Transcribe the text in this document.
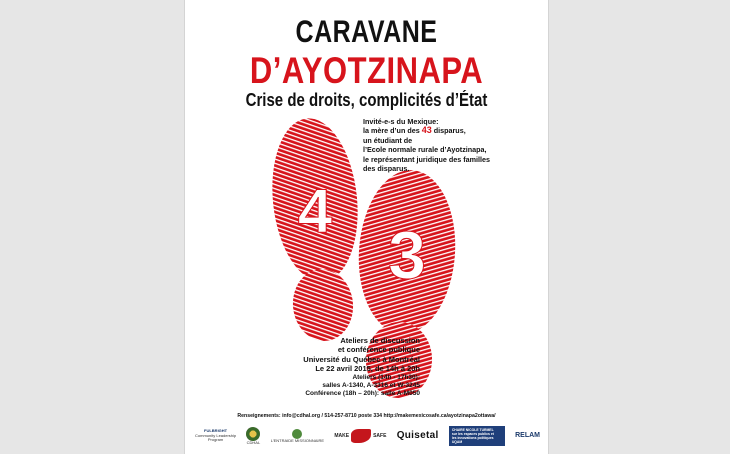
CARAVANE
D’AYOTZINAPA
Crise de droits, complicités d’État
4
3
Invité-e-s du Mexique:
la mère d’un des 43 disparus,
un étudiant de
l’Ecole normale rurale d’Ayotzinapa,
le représentant juridique des familles
des disparus.
Ateliers de discussion
et conférence publique
Université du Québec à Montréal
Le 22 avril 2015, de 14h à 20h
Ateliers (14h - 17h30):
salles A-1340, A-3316 et W-3245
Conférence (18h – 20h): salle A-M050
Renseignements: info@cdhal.org / 514-257-8710 poste 334 http://makemexicosafe.ca/ayotzinapa2ottawa/
FULBRIGHT
Community Leadership
Program	CDHAL	L’ENTRAIDE MISSIONNAIRE
MAKE	SAFE Quisetal	CHAIRE NICOLE TURMEL
sur les espaces publics et
les innovations politiques
UQAM
RELAM
